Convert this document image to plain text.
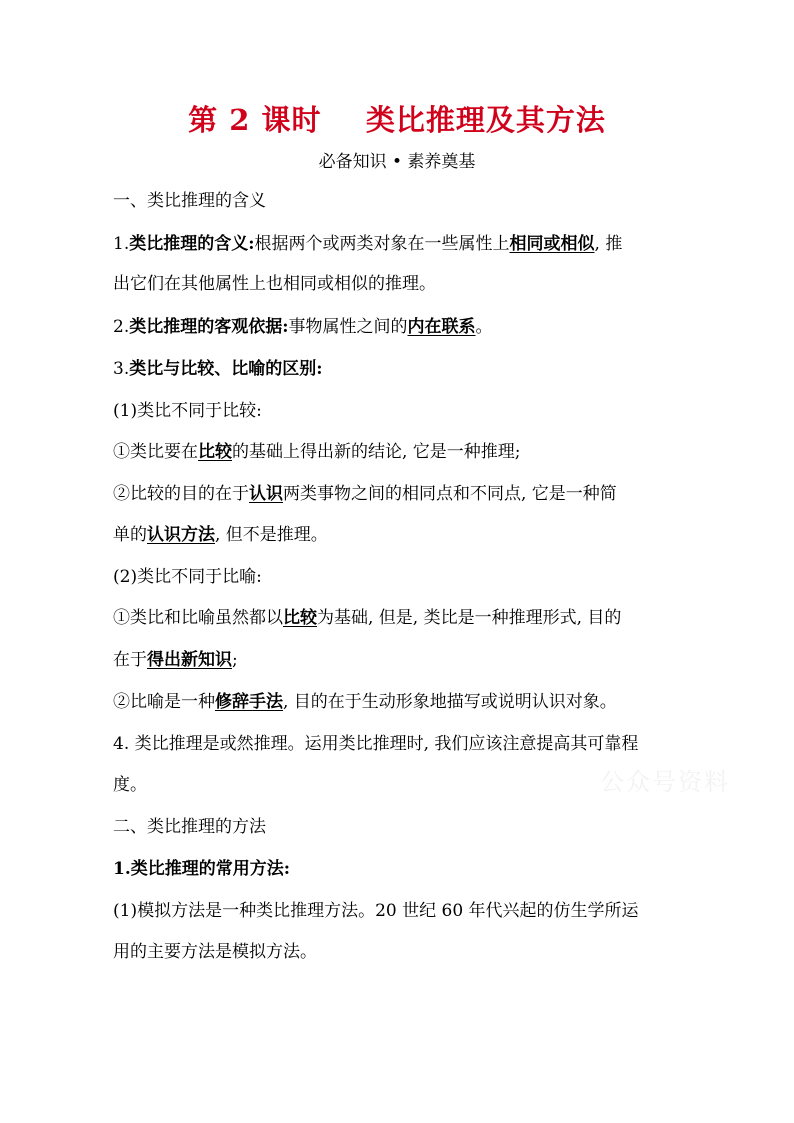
第 2 课时    类比推理及其方法
必备知识 • 素养奠基
一、类比推理的含义
1.类比推理的含义:根据两个或两类对象在一些属性上相同或相似, 推
出它们在其他属性上也相同或相似的推理。
2.类比推理的客观依据:事物属性之间的内在联系。
3.类比与比较、比喻的区别:
(1)类比不同于比较:
①类比要在比较的基础上得出新的结论, 它是一种推理;
②比较的目的在于认识两类事物之间的相同点和不同点, 它是一种简
单的认识方法, 但不是推理。
(2)类比不同于比喻:
①类比和比喻虽然都以比较为基础, 但是, 类比是一种推理形式, 目的
在于得出新知识;
②比喻是一种修辞手法, 目的在于生动形象地描写或说明认识对象。
4. 类比推理是或然推理。运用类比推理时, 我们应该注意提高其可靠程
度。
二、类比推理的方法
1.类比推理的常用方法:
(1)模拟方法是一种类比推理方法。20 世纪 60 年代兴起的仿生学所运
用的主要方法是模拟方法。
公众号资料
